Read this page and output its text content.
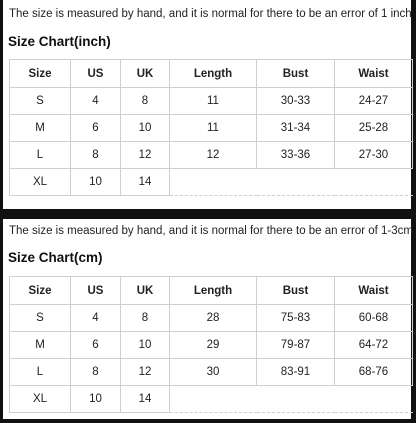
The size is measured by hand, and it is normal for there to be an error of 1 inch
Size Chart(inch)
Size	US	UK	Length	Bust	Waist
S	4	8	11	30-33	24-27
M	6	10	11	31-34	25-28
L	8	12	12	33-36	27-30
XL	10	14			
The size is measured by hand, and it is normal for there to be an error of 1-3cm
Size Chart(cm)
Size	US	UK	Length	Bust	Waist
S	4	8	28	75-83	60-68
M	6	10	29	79-87	64-72
L	8	12	30	83-91	68-76
XL	10	14			
